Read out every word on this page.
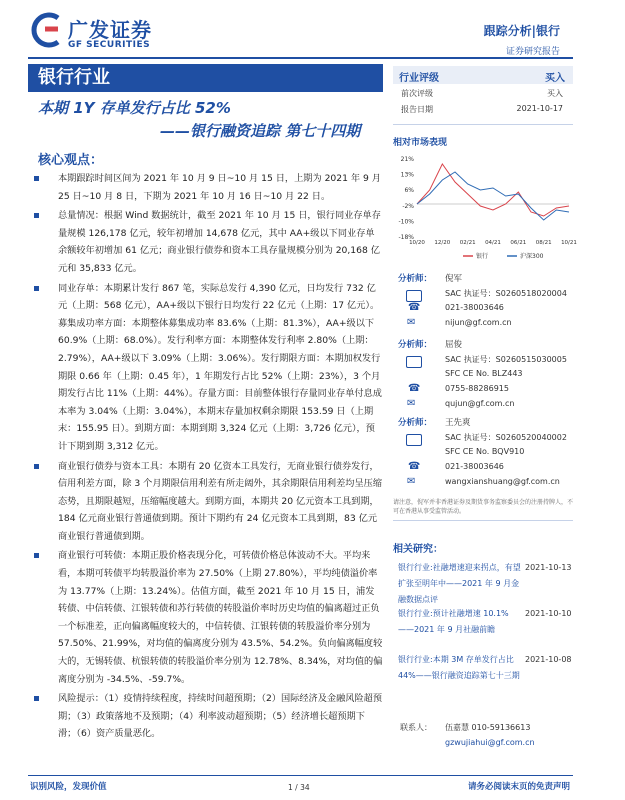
广发证券
GF SECURITIES
跟踪分析|银行
证券研究报告
银行行业
本期 1Y 存单发行占比 52%
——银行融资追踪 第七十四期
核心观点：
本期跟踪时间区间为 2021 年 10 月 9 日~10 月 15 日，上期为 2021 年 9 月 25 日~10 月 8 日，下期为 2021 年 10 月 16 日~10 月 22 日。
总量情况：根据 Wind 数据统计，截至 2021 年 10 月 15 日，银行同业存单存量规模 126,178 亿元，较年初增加 14,678 亿元，其中 AA+级以下同业存单余额较年初增加 61 亿元；商业银行债券和资本工具存量规模分别为 20,168 亿元和 35,833 亿元。
同业存单：本期累计发行 867 笔，实际总发行 4,390 亿元，日均发行 732 亿元（上期：568 亿元），AA+级以下银行日均发行 22 亿元（上期：17 亿元）。募集成功率方面：本期整体募集成功率 83.6%（上期：81.3%），AA+级以下 60.9%（上期：68.0%）。发行利率方面：本期整体发行利率 2.80%（上期：2.79%），AA+级以下 3.09%（上期：3.06%）。发行期限方面：本期加权发行期限 0.66 年（上期：0.45 年），1 年期发行占比 52%（上期：23%），3 个月期发行占比 11%（上期：44%）。存量方面：目前整体银行存量同业存单付息成本率为 3.04%（上期：3.04%），本期末存量加权剩余期限 153.59 日（上期末：155.95 日）。到期方面：本期到期 3,324 亿元（上期：3,726 亿元），预计下期到期 3,312 亿元。
商业银行债券与资本工具：本期有 20 亿资本工具发行，无商业银行债券发行，信用利差方面，除 3 个月期限信用利差有所走阔外，其余期限信用利差均呈压缩态势，且期限越短，压缩幅度越大。到期方面，本期共 20 亿元资本工具到期，184 亿元商业银行普通债到期。预计下期约有 24 亿元资本工具到期，83 亿元商业银行普通债到期。
商业银行可转债：本期正股价格表现分化，可转债价格总体波动不大。平均来看，本期可转债平均转股溢价率为 27.50%（上期 27.80%），平均纯债溢价率为 13.77%（上期：13.24%）。估值方面，截至 2021 年 10 月 15 日，浦发转债、中信转债、江银转债和苏行转债的转股溢价率时历史均值的偏离超过正负一个标准差，正向偏离幅度较大的，中信转债、江银转债的转股溢价率分别为 57.50%、21.99%，对均值的偏离度分别为 43.5%、54.2%。负向偏离幅度较大的，无锡转债、杭银转债的转股溢价率分别为 12.78%、8.34%，对均值的偏离度分别为 -34.5%、-59.7%。
风险提示：（1）疫情持续程度，持续时间超预期；（2）国际经济及金融风险超预期；（3）政策落地不及预期；（4）利率波动超预期；（5）经济增长超预期下滑；（6）资产质量恶化。
行业评级	买入
前次评级	买入
报告日期	2021-10-17
相对市场表现
21%
13%
6%
-2%
-10%
-18%
10/20 12/20 02/21 04/21 06/21 08/21 10/21
银行	沪深300
分析师： 倪军
SAC 执证号：S0260518020004
☎	021-38003646
✉	nijun@gf.com.cn
分析师： 屈俊
SAC 执证号：S0260515030005
SFC CE No. BLZ443
☎	0755-88286915
✉	qujun@gf.com.cn
分析师： 王先爽
SAC 执证号：S0260520040002
SFC CE No. BQV910
☎	021-38003646
✉	wangxianshuang@gf.com.cn
请注意，倪军并非香港证券及期货事务监察委员会的注册持牌人，不可在香港从事受监管活动。
相关研究：
银行行业:社融增速迎来拐点，有望扩张至明年中——2021 年 9 月金融数据点评
2021-10-13
银行行业:预计社融增速 10.1%——2021 年 9 月社融前瞻
2021-10-10
银行行业:本期 3M 存单发行占比 44%——银行融资追踪第七十三期
2021-10-08
联系人：	伍嘉慧 010-59136613
gzwujiahui@gf.com.cn
识别风险，发现价值	1 / 34	请务必阅读末页的免责声明
